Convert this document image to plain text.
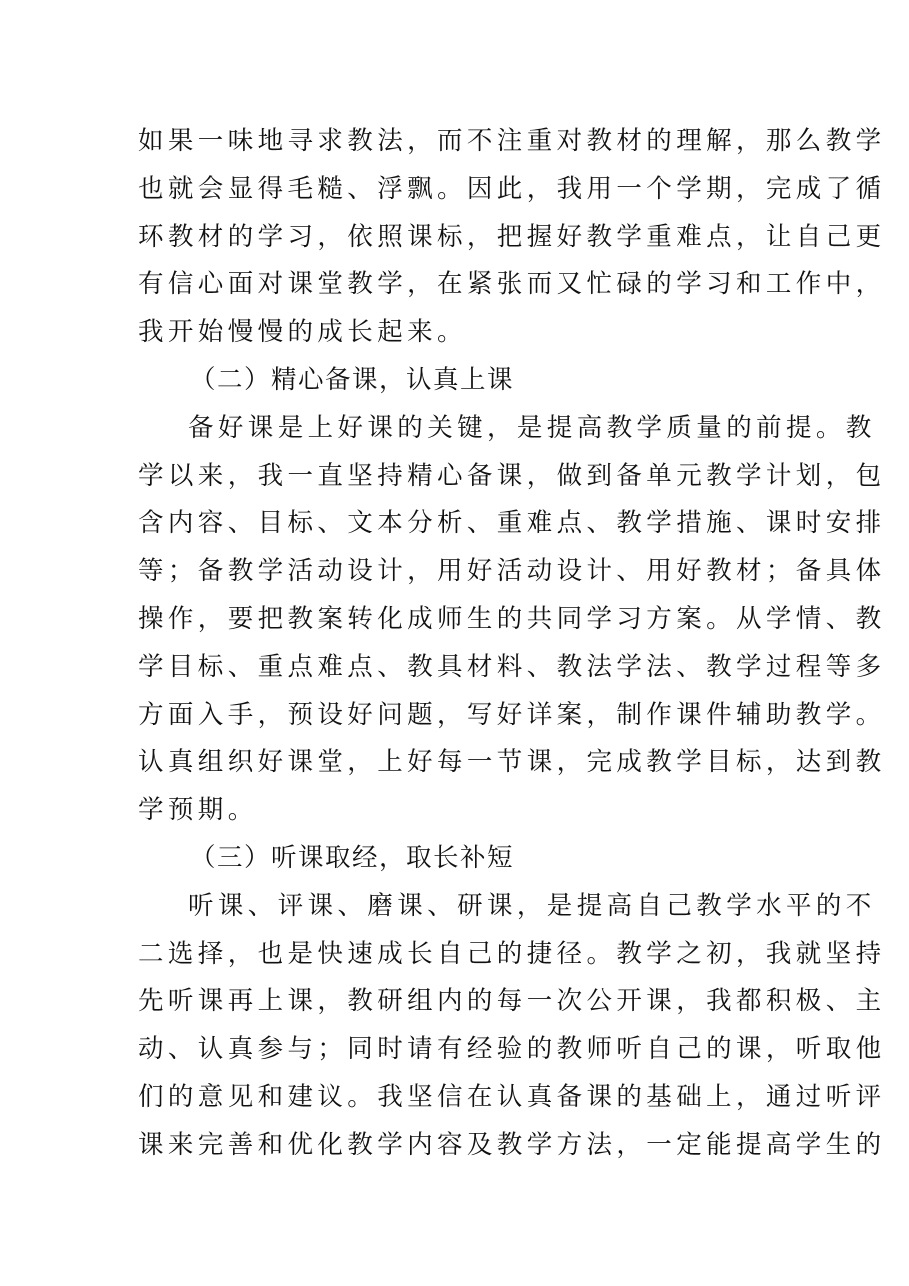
如果一味地寻求教法，而不注重对教材的理解，那么教学
也就会显得毛糙、浮飘。因此，我用一个学期，完成了循
环教材的学习，依照课标，把握好教学重难点，让自己更
有信心面对课堂教学，在紧张而又忙碌的学习和工作中，
我开始慢慢的成长起来。
（二）精心备课，认真上课
备好课是上好课的关键，是提高教学质量的前提。教
学以来，我一直坚持精心备课，做到备单元教学计划，包
含内容、目标、文本分析、重难点、教学措施、课时安排
等；备教学活动设计，用好活动设计、用好教材；备具体
操作，要把教案转化成师生的共同学习方案。从学情、教
学目标、重点难点、教具材料、教法学法、教学过程等多
方面入手，预设好问题，写好详案，制作课件辅助教学。
认真组织好课堂，上好每一节课，完成教学目标，达到教
学预期。
（三）听课取经，取长补短
听课、评课、磨课、研课，是提高自己教学水平的不
二选择，也是快速成长自己的捷径。教学之初，我就坚持
先听课再上课，教研组内的每一次公开课，我都积极、主
动、认真参与；同时请有经验的教师听自己的课，听取他
们的意见和建议。我坚信在认真备课的基础上，通过听评
课来完善和优化教学内容及教学方法，一定能提高学生的
